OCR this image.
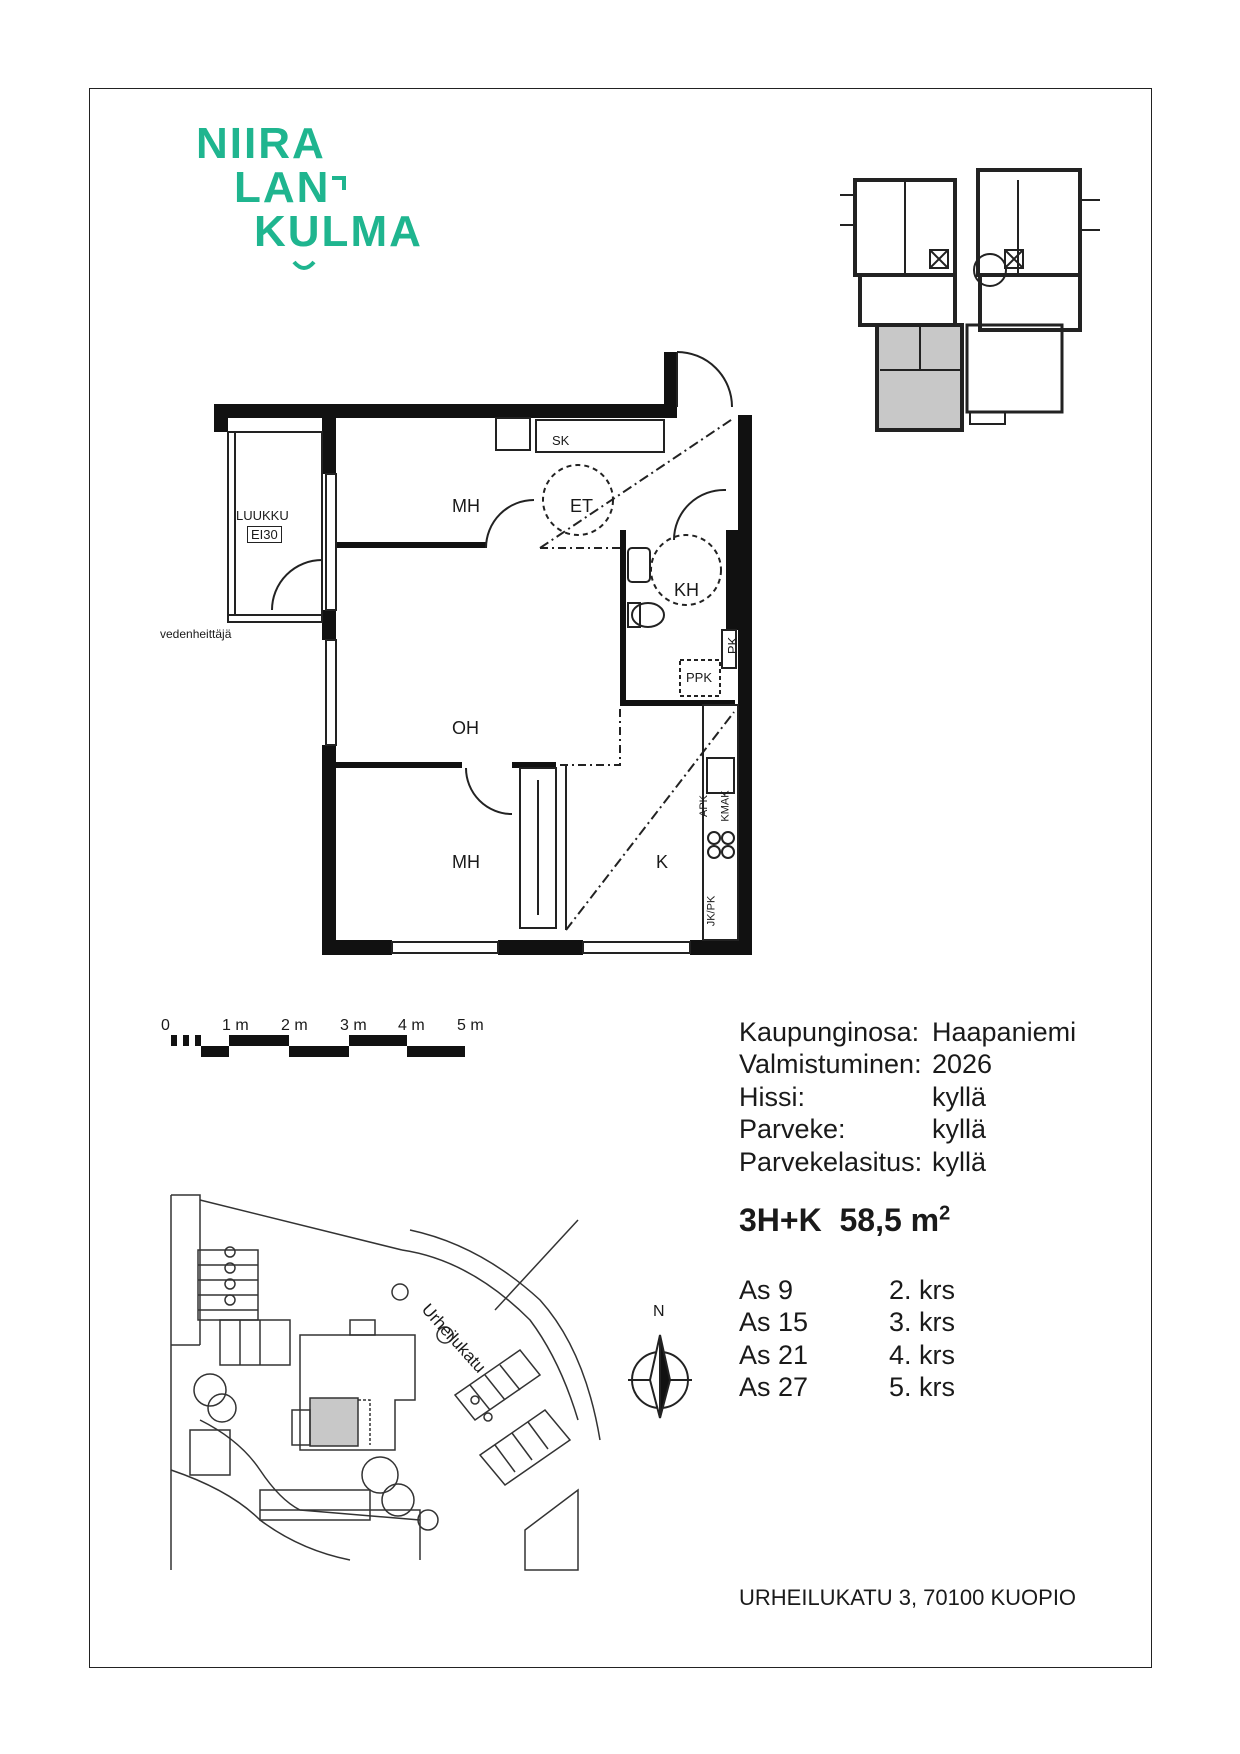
NIIRA
LAN
KULMA
MH	ET
KH
OH
MH	K
SK
PK
PPK
APK KMAK
JK/PK
LUUKKU
EI30
vedenheittäjä
0	1 m 2 m 3 m 4 m 5 m	Kaupunginosa: Haapaniemi
Valmistuminen: 2026
Hissi:	kyllä
Parveke:	kyllä
Parvekelasitus: kyllä
3H+K 58,5 $m^2$
As 9	2. krs
As 15	3. krs
As 21	4. krs
As 27	5. krs
Urheilukatu	N
URHEILUKATU 3, 70100 KUOPIO
